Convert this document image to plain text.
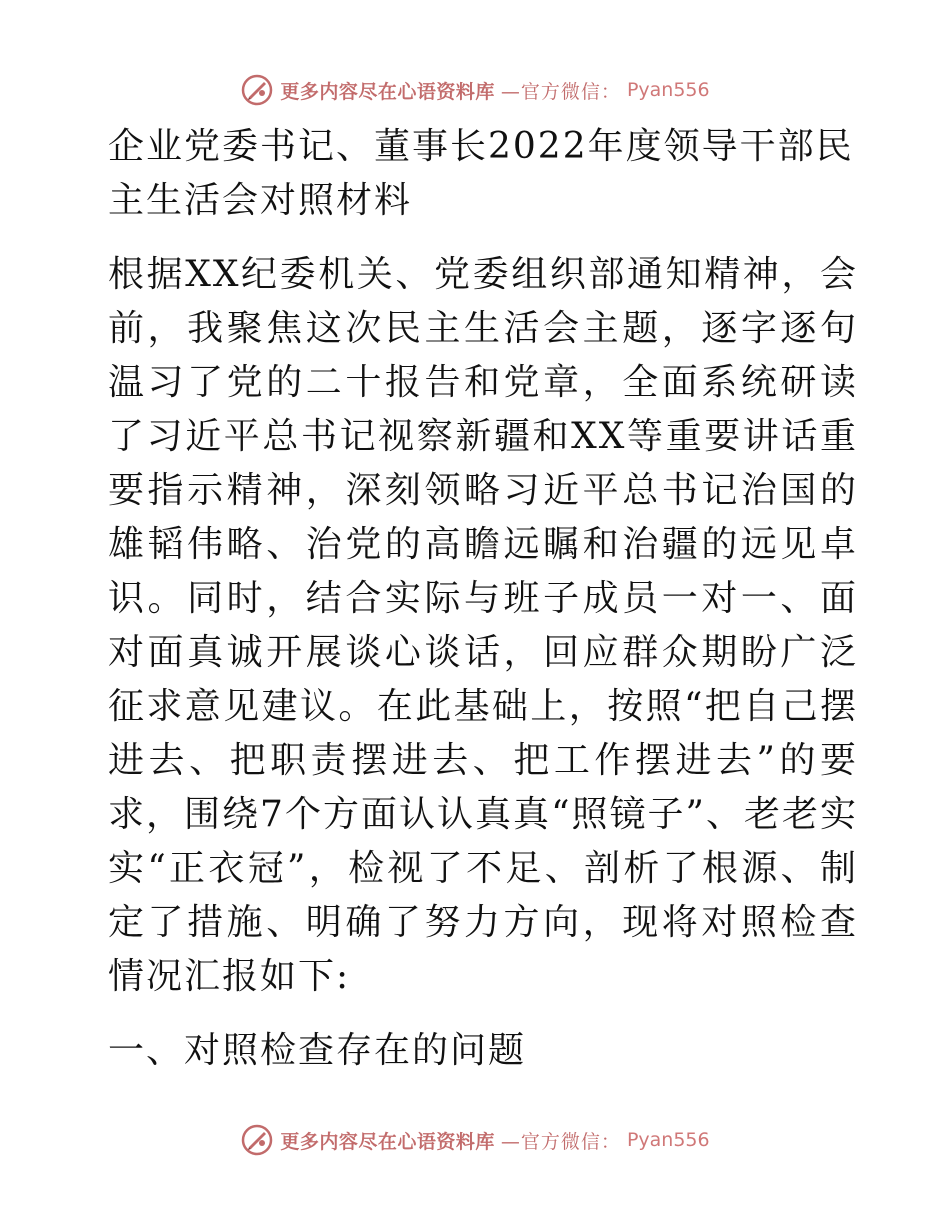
更多内容尽在心语资料库 —官方微信： Pyan556
企业党委书记、董事长2022年度领导干部民主生活会对照材料

根据XX纪委机关、党委组织部通知精神，会前，我聚焦这次民主生活会主题，逐字逐句温习了党的二十报告和党章，全面系统研读了习近平总书记视察新疆和XX等重要讲话重要指示精神，深刻领略习近平总书记治国的雄韬伟略、治党的高瞻远瞩和治疆的远见卓识。同时，结合实际与班子成员一对一、面对面真诚开展谈心谈话，回应群众期盼广泛征求意见建议。在此基础上，按照“把自己摆进去、把职责摆进去、把工作摆进去”的要求，围绕7个方面认认真真“照镜子”、老老实实“正衣冠”，检视了不足、剖析了根源、制定了措施、明确了努力方向，现将对照检查情况汇报如下:

一、对照检查存在的问题

更多内容尽在心语资料库 —官方微信： Pyan556
